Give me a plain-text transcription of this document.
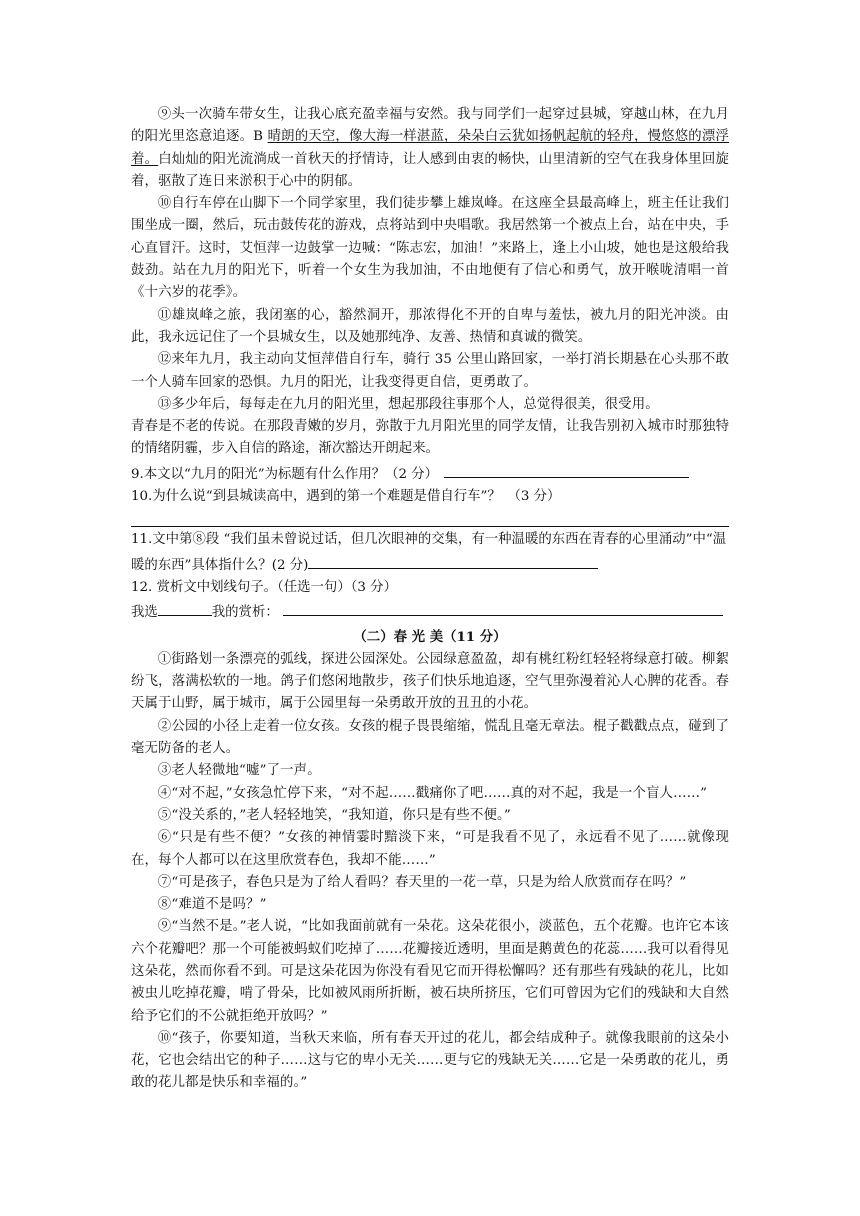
⑨头一次骑车带女生，让我心底充盈幸福与安然。我与同学们一起穿过县城，穿越山林，在九月的阳光里恣意追逐。B 晴朗的天空，像大海一样湛蓝，朵朵白云犹如扬帆起航的轻舟，慢悠悠的漂浮着。白灿灿的阳光流淌成一首秋天的抒情诗，让人感到由衷的畅快，山里清新的空气在我身体里回旋着，驱散了连日来淤积于心中的阴郁。

⑩自行车停在山脚下一个同学家里，我们徒步攀上雄岚峰。在这座全县最高峰上，班主任让我们围坐成一圈，然后，玩击鼓传花的游戏，点将站到中央唱歌。我居然第一个被点上台，站在中央，手心直冒汗。这时，艾恒萍一边鼓掌一边喊：“陈志宏，加油！”来路上，逢上小山坡，她也是这般给我鼓劲。站在九月的阳光下，听着一个女生为我加油，不由地便有了信心和勇气，放开喉咙清唱一首《十六岁的花季》。

⑪雄岚峰之旅，我闭塞的心，豁然洞开，那浓得化不开的自卑与羞怯，被九月的阳光冲淡。由此，我永远记住了一个县城女生，以及她那纯净、友善、热情和真诚的微笑。

⑫来年九月，我主动向艾恒萍借自行车，骑行 35 公里山路回家，一举打消长期悬在心头那不敢一个人骑车回家的恐惧。九月的阳光，让我变得更自信，更勇敢了。

⑬多少年后，每每走在九月的阳光里，想起那段往事那个人，总觉得很美，很受用。

青春是不老的传说。在那段青嫩的岁月，弥散于九月阳光里的同学友情，让我告别初入城市时那独特的情绪阴霾，步入自信的路途，渐次豁达开朗起来。

9.本文以“九月的阳光”为标题有什么作用？（2 分）

10.为什么说“到县城读高中，遇到的第一个难题是借自行车”？　（3 分）

11.文中第⑧段 “我们虽未曾说过话，但几次眼神的交集，有一种温暖的东西在青春的心里涌动”中“温暖的东西”具体指什么？(2 分)

12. 赏析文中划线句子。（任选一句）（3 分）

我选	我的赏析：

（二）春 光 美（11 分）

①街路划一条漂亮的弧线，探进公园深处。公园绿意盈盈，却有桃红粉红轻轻将绿意打破。柳絮纷飞，落满松软的一地。鸽子们悠闲地散步，孩子们快乐地追逐，空气里弥漫着沁人心脾的花香。春天属于山野，属于城市，属于公园里每一朵勇敢开放的丑丑的小花。

②公园的小径上走着一位女孩。女孩的棍子畏畏缩缩，慌乱且毫无章法。棍子戳戳点点，碰到了毫无防备的老人。

③老人轻微地“嘘”了一声。

④“对不起，”女孩急忙停下来，“对不起……戳痛你了吧……真的对不起，我是一个盲人……”

⑤“没关系的，”老人轻轻地笑，“我知道，你只是有些不便。”

⑥“只是有些不便？”女孩的神情霎时黯淡下来，“可是我看不见了，永远看不见了……就像现在，每个人都可以在这里欣赏春色，我却不能……”

⑦“可是孩子，春色只是为了给人看吗？春天里的一花一草，只是为给人欣赏而存在吗？”

⑧“难道不是吗？”

⑨“当然不是。”老人说，“比如我面前就有一朵花。这朵花很小，淡蓝色，五个花瓣。也许它本该六个花瓣吧？那一个可能被蚂蚁们吃掉了……花瓣接近透明，里面是鹅黄色的花蕊……我可以看得见这朵花，然而你看不到。可是这朵花因为你没有看见它而开得松懈吗？还有那些有残缺的花儿，比如被虫儿吃掉花瓣，啃了骨朵，比如被风雨所折断，被石块所挤压，它们可曾因为它们的残缺和大自然给予它们的不公就拒绝开放吗？”

⑩“孩子，你要知道，当秋天来临，所有春天开过的花儿，都会结成种子。就像我眼前的这朵小花，它也会结出它的种子……这与它的卑小无关……更与它的残缺无关……它是一朵勇敢的花儿，勇敢的花儿都是快乐和幸福的。”
